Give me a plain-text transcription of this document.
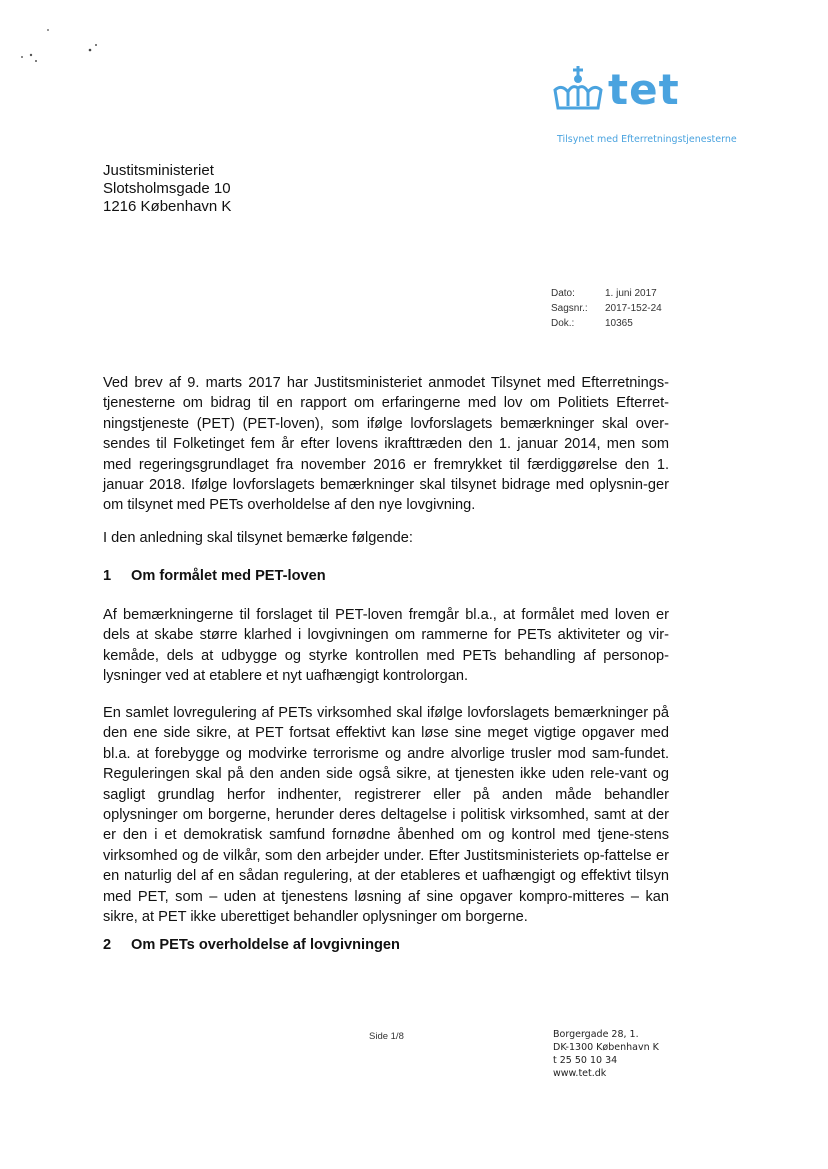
tet
Tilsynet med Efterretningstjenesterne
Justitsministeriet
Slotsholmsgade 10
1216 København K
Dato:	1. juni 2017
Sagsnr.:	2017-152-24
Dok.:	10365

Ved brev af 9. marts 2017 har Justitsministeriet anmodet Tilsynet med Efterretnings-tjenesterne om bidrag til en rapport om erfaringerne med lov om Politiets Efterret-ningstjeneste (PET) (PET-loven), som ifølge lovforslagets bemærkninger skal over-sendes til Folketinget fem år efter lovens ikrafttræden den 1. januar 2014, men som med regeringsgrundlaget fra november 2016 er fremrykket til færdiggørelse den 1. januar 2018. Ifølge lovforslagets bemærkninger skal tilsynet bidrage med oplysnin-ger om tilsynet med PETs overholdelse af den nye lovgivning.

I den anledning skal tilsynet bemærke følgende:

1 Om formålet med PET-loven

Af bemærkningerne til forslaget til PET-loven fremgår bl.a., at formålet med loven er dels at skabe større klarhed i lovgivningen om rammerne for PETs aktiviteter og vir-kemåde, dels at udbygge og styrke kontrollen med PETs behandling af personop-lysninger ved at etablere et nyt uafhængigt kontrolorgan.

En samlet lovregulering af PETs virksomhed skal ifølge lovforslagets bemærkninger på den ene side sikre, at PET fortsat effektivt kan løse sine meget vigtige opgaver med bl.a. at forebygge og modvirke terrorisme og andre alvorlige trusler mod sam-fundet. Reguleringen skal på den anden side også sikre, at tjenesten ikke uden rele-vant og sagligt grundlag herfor indhenter, registrerer eller på anden måde behandler oplysninger om borgerne, herunder deres deltagelse i politisk virksomhed, samt at der er den i et demokratisk samfund fornødne åbenhed om og kontrol med tjene-stens virksomhed og de vilkår, som den arbejder under. Efter Justitsministeriets op-fattelse er en naturlig del af en sådan regulering, at der etableres et uafhængigt og effektivt tilsyn med PET, som – uden at tjenestens løsning af sine opgaver kompro-mitteres – kan sikre, at PET ikke uberettiget behandler oplysninger om borgerne.

2 Om PETs overholdelse af lovgivningen
Side 1/8	Borgergade 28, 1.
DK-1300 København K
t 25 50 10 34
www.tet.dk
